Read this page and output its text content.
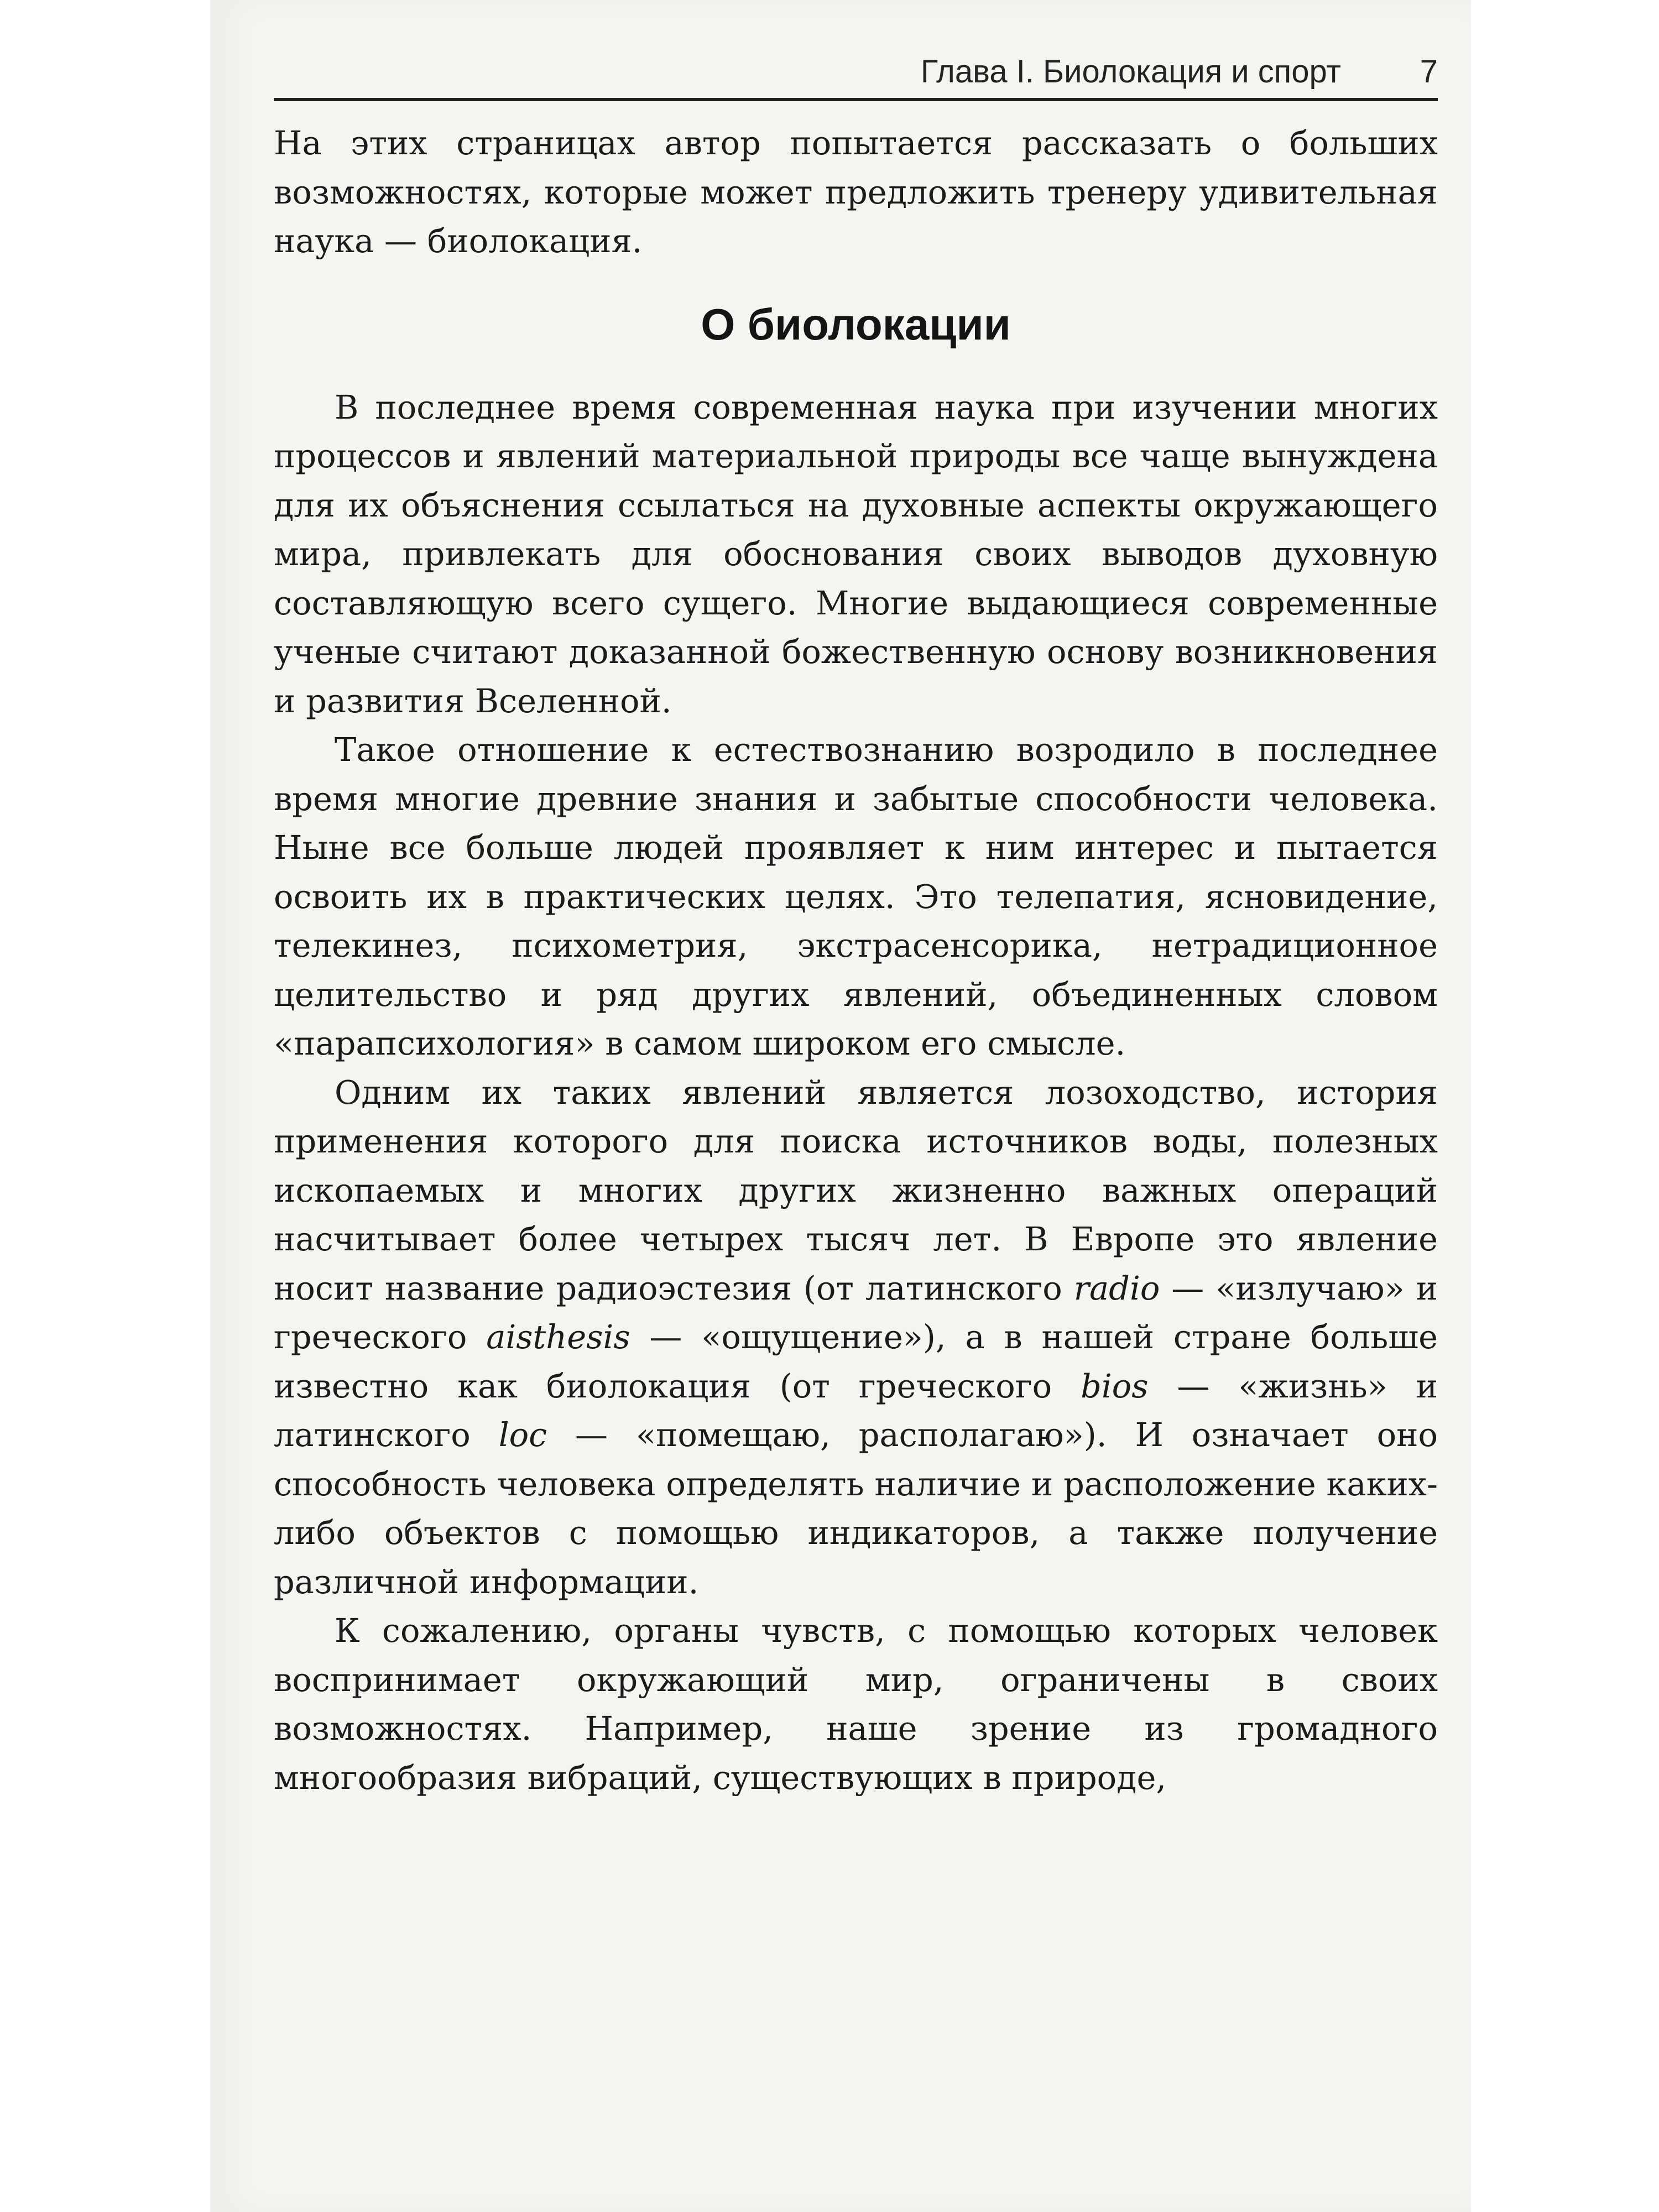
Глава I. Биолокация и спорт 7

На этих страницах автор попытается рассказать о больших возможностях, которые может предложить тренеру удивительная наука — биолокация.

О биолокации

В последнее время современная наука при изучении многих процессов и явлений материальной природы все чаще вынуждена для их объяснения ссылаться на духовные аспекты окружающего мира, привлекать для обоснования своих выводов духовную составляющую всего сущего. Многие выдающиеся современные ученые считают доказанной божественную основу возникновения и развития Вселенной.

Такое отношение к естествознанию возродило в последнее время многие древние знания и забытые способности человека. Ныне все больше людей проявляет к ним интерес и пытается освоить их в практических целях. Это телепатия, ясновидение, телекинез, психометрия, экстрасенсорика, нетрадиционное целительство и ряд других явлений, объединенных словом «парапсихология» в самом широком его смысле.

Одним их таких явлений является лозоходство, история применения которого для поиска источников воды, полезных ископаемых и многих других жизненно важных операций насчитывает более четырех тысяч лет. В Европе это явление носит название радиоэстезия (от латинского radio — «излучаю» и греческого aisthesis — «ощущение»), а в нашей стране больше известно как биолокация (от греческого bios — «жизнь» и латинского loc — «помещаю, располагаю»). И означает оно способность человека определять наличие и расположение каких-либо объектов с помощью индикаторов, а также получение различной информации.

К сожалению, органы чувств, с помощью которых человек воспринимает окружающий мир, ограничены в своих возможностях. Например, наше зрение из громадного многообразия вибраций, существующих в природе,
